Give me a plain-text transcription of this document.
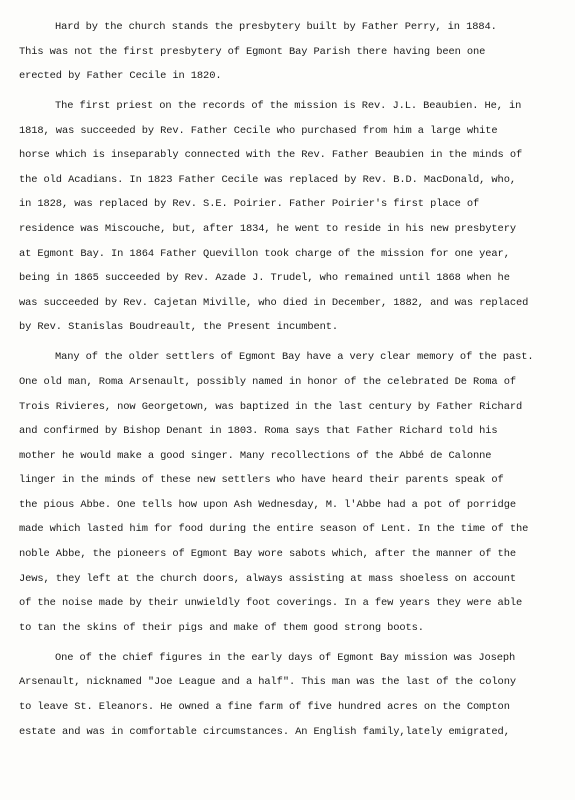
Hard by the church stands the presbytery built by Father Perry, in 1884.
This was not the first presbytery of Egmont Bay Parish there having been one
erected by Father Cecile in 1820.
The first priest on the records of the mission is Rev. J.L. Beaubien. He, in
1818, was succeeded by Rev. Father Cecile who purchased from him a large white
horse which is inseparably connected with the Rev. Father Beaubien in the minds of
the old Acadians. In 1823 Father Cecile was replaced by Rev. B.D. MacDonald, who,
in 1828, was replaced by Rev. S.E. Poirier. Father Poirier's first place of
residence was Miscouche, but, after 1834, he went to reside in his new presbytery
at Egmont Bay. In 1864 Father Quevillon took charge of the mission for one year,
being in 1865 succeeded by Rev. Azade J. Trudel, who remained until 1868 when he
was succeeded by Rev. Cajetan Miville, who died in December, 1882, and was replaced
by Rev. Stanislas Boudreault, the Present incumbent.
Many of the older settlers of Egmont Bay have a very clear memory of the past.
One old man, Roma Arsenault, possibly named in honor of the celebrated De Roma of
Trois Rivieres, now Georgetown, was baptized in the last century by Father Richard
and confirmed by Bishop Denant in 1803. Roma says that Father Richard told his
mother he would make a good singer. Many recollections of the Abbé de Calonne
linger in the minds of these new settlers who have heard their parents speak of
the pious Abbe. One tells how upon Ash Wednesday, M. l'Abbe had a pot of porridge
made which lasted him for food during the entire season of Lent. In the time of the
noble Abbe, the pioneers of Egmont Bay wore sabots which, after the manner of the
Jews, they left at the church doors, always assisting at mass shoeless on account
of the noise made by their unwieldly foot coverings. In a few years they were able
to tan the skins of their pigs and make of them good strong boots.
One of the chief figures in the early days of Egmont Bay mission was Joseph
Arsenault, nicknamed "Joe League and a half". This man was the last of the colony
to leave St. Eleanors. He owned a fine farm of five hundred acres on the Compton
estate and was in comfortable circumstances. An English family,lately emigrated,
